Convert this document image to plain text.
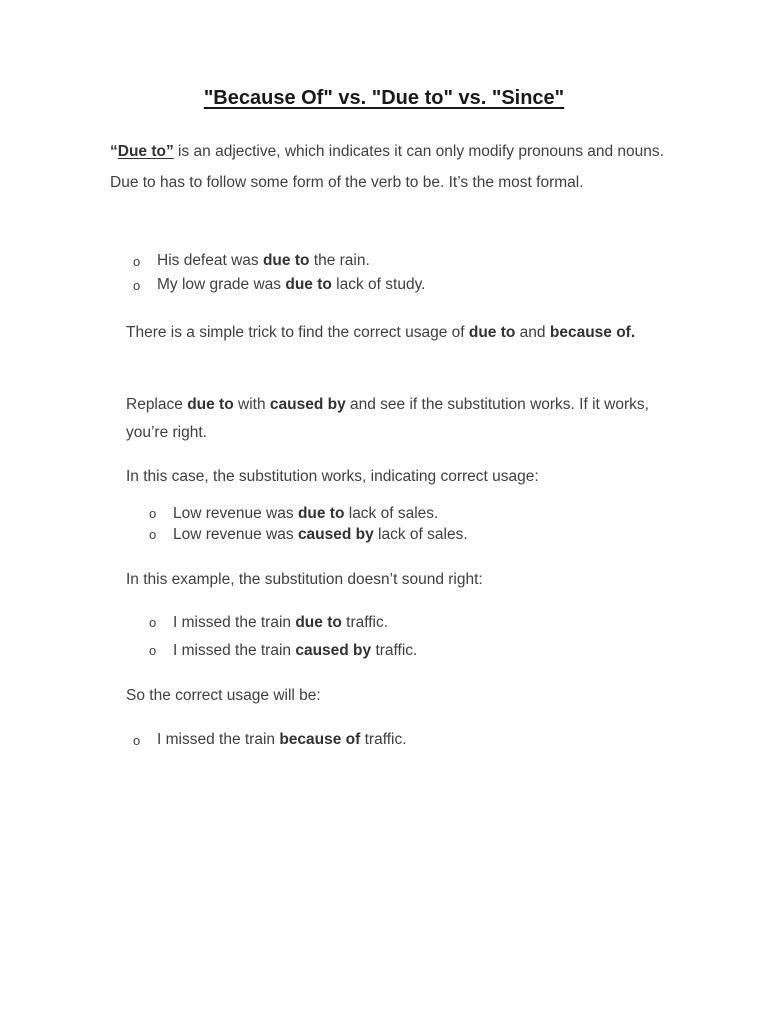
"Because Of" vs. "Due to" vs. "Since"

“Due to” is an adjective, which indicates it can only modify pronouns and nouns. Due to has to follow some form of the verb to be. It’s the most formal.

o His defeat was due to the rain.
o My low grade was due to lack of study.

There is a simple trick to find the correct usage of due to and because of.

Replace due to with caused by and see if the substitution works. If it works, you’re right.

In this case, the substitution works, indicating correct usage:

o Low revenue was due to lack of sales.
o Low revenue was caused by lack of sales.

In this example, the substitution doesn’t sound right:

o I missed the train due to traffic.
o I missed the train caused by traffic.

So the correct usage will be:

o I missed the train because of traffic.
